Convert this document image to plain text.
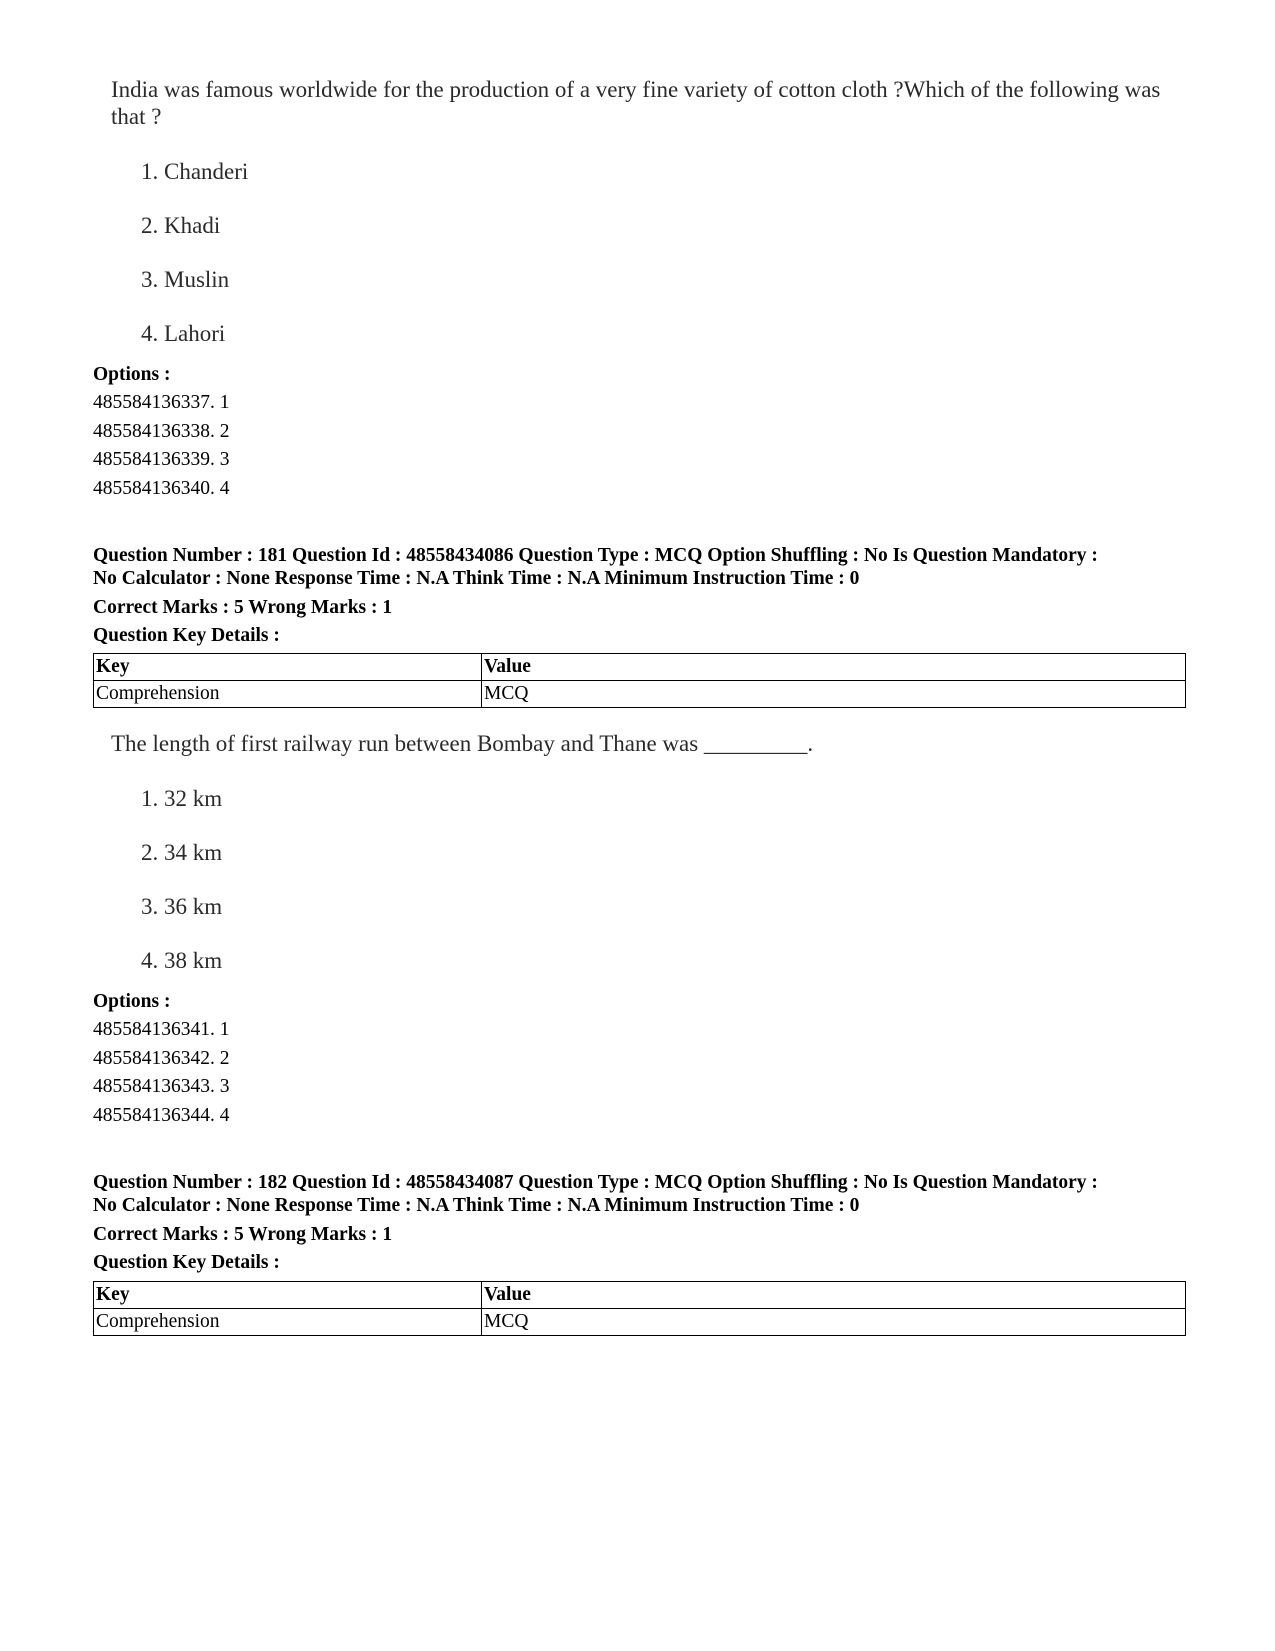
India was famous worldwide for the production of a very fine variety of cotton cloth ?Which of the following was that ?
1. Chanderi
2. Khadi
3. Muslin
4. Lahori
Options :
485584136337. 1
485584136338. 2
485584136339. 3
485584136340. 4
Question Number : 181 Question Id : 48558434086 Question Type : MCQ Option Shuffling : No Is Question Mandatory :
No Calculator : None Response Time : N.A Think Time : N.A Minimum Instruction Time : 0
Correct Marks : 5 Wrong Marks : 1
Question Key Details :
Key	Value
Comprehension	MCQ
The length of first railway run between Bombay and Thane was _________.
1. 32 km
2. 34 km
3. 36 km
4. 38 km
Options :
485584136341. 1
485584136342. 2
485584136343. 3
485584136344. 4
Question Number : 182 Question Id : 48558434087 Question Type : MCQ Option Shuffling : No Is Question Mandatory :
No Calculator : None Response Time : N.A Think Time : N.A Minimum Instruction Time : 0
Correct Marks : 5 Wrong Marks : 1
Question Key Details :
Key	Value
Comprehension	MCQ
